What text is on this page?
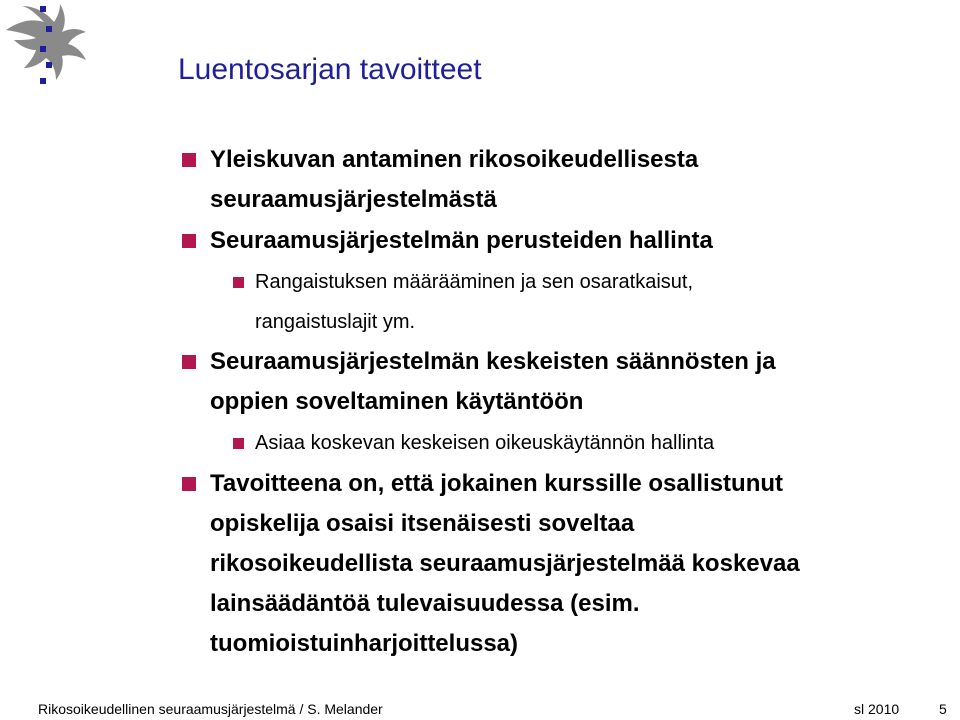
Luentosarjan tavoitteet
Yleiskuvan antaminen rikosoikeudellisesta
seuraamusjärjestelmästä
Seuraamusjärjestelmän perusteiden hallinta
Rangaistuksen määrääminen ja sen osaratkaisut,
rangaistuslajit ym.
Seuraamusjärjestelmän keskeisten säännösten ja
oppien soveltaminen käytäntöön
Asiaa koskevan keskeisen oikeuskäytännön hallinta
Tavoitteena on, että jokainen kurssille osallistunut
opiskelija osaisi itsenäisesti soveltaa
rikosoikeudellista seuraamusjärjestelmää koskevaa
lainsäädäntöä tulevaisuudessa (esim.
tuomioistuinharjoittelussa)
Rikosoikeudellinen seuraamusjärjestelmä / S. Melander	sl 2010	5
